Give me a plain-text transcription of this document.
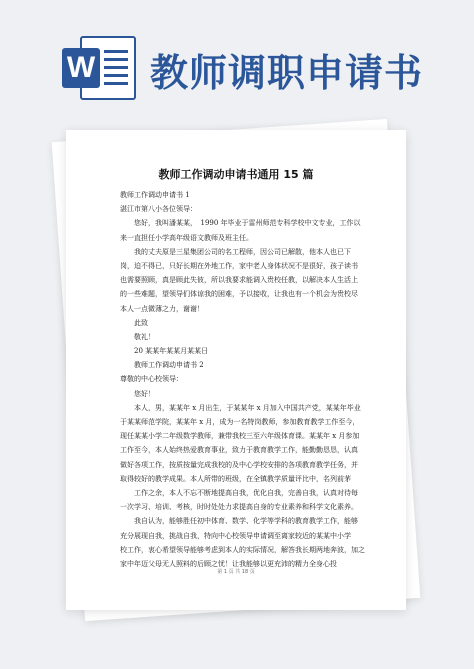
W 教师调职申请书
教师工作调动申请书通用 15 篇

教师工作调动申请书 1

湛江市第八小各位领导：

您好，我叫潘某某，　1990 年毕业于雷州师范专科学校中文专业，工作以

来一直担任小学高年级语文教师及班主任。

我的丈夫原是三星集团公司的名工程师，因公司已解散，他本人也已下

岗，迫不得已，只好长期在外地工作，家中老人身体状况不是很好，孩子读书

也需要照顾，真是顾此失彼，所以我要求能调入贵校任教，以解决本人生活上

的一些难题，望领导们体谅我的困难，予以接收，让我也有一个机会为贵校尽

本人一点微薄之力，谢谢！

此致

敬礼！

20 某某年某某月某某日

教师工作调动申请书 2

尊敬的中心校领导：

您好！

本人，男，某某年 x 月出生，于某某年 x 月加入中国共产党，某某年毕业

于某某师范学院，某某年 x 月，成为一名特岗教师，参加教育教学工作至今，

现任某某小学二年级数学教师，兼带我校三至六年级体育课。某某年 x 月参加

工作至今，本人始终热爱教育事业，致力于教育教学工作，能勤勤恳恳，认真

做好各项工作，按质按量完成我校的及中心学校安排的各项教育教学任务，并

取得较好的教学成果。本人所带的班级，在全镇教学质量评比中，名列前茅

工作之余，本人不忘不断地提高自我，优化自我，完善自我，认真对待每

一次学习、培训、考核，时时处处力求提高自身的专业素养和科学文化素养。

我自认为，能够胜任初中体育、数学、化学等学科的教育教学工作，能够

充分展现自我，挑战自我，特向中心校领导申请调至离家较近的某某中小学

校工作，衷心希望领导能够考虑到本人的实际情况，解答我长期两地奔波，加之

家中年迈父母无人照料的后顾之忧！让我能够以更充沛的精力全身心投

第 1 页 共 18 页
